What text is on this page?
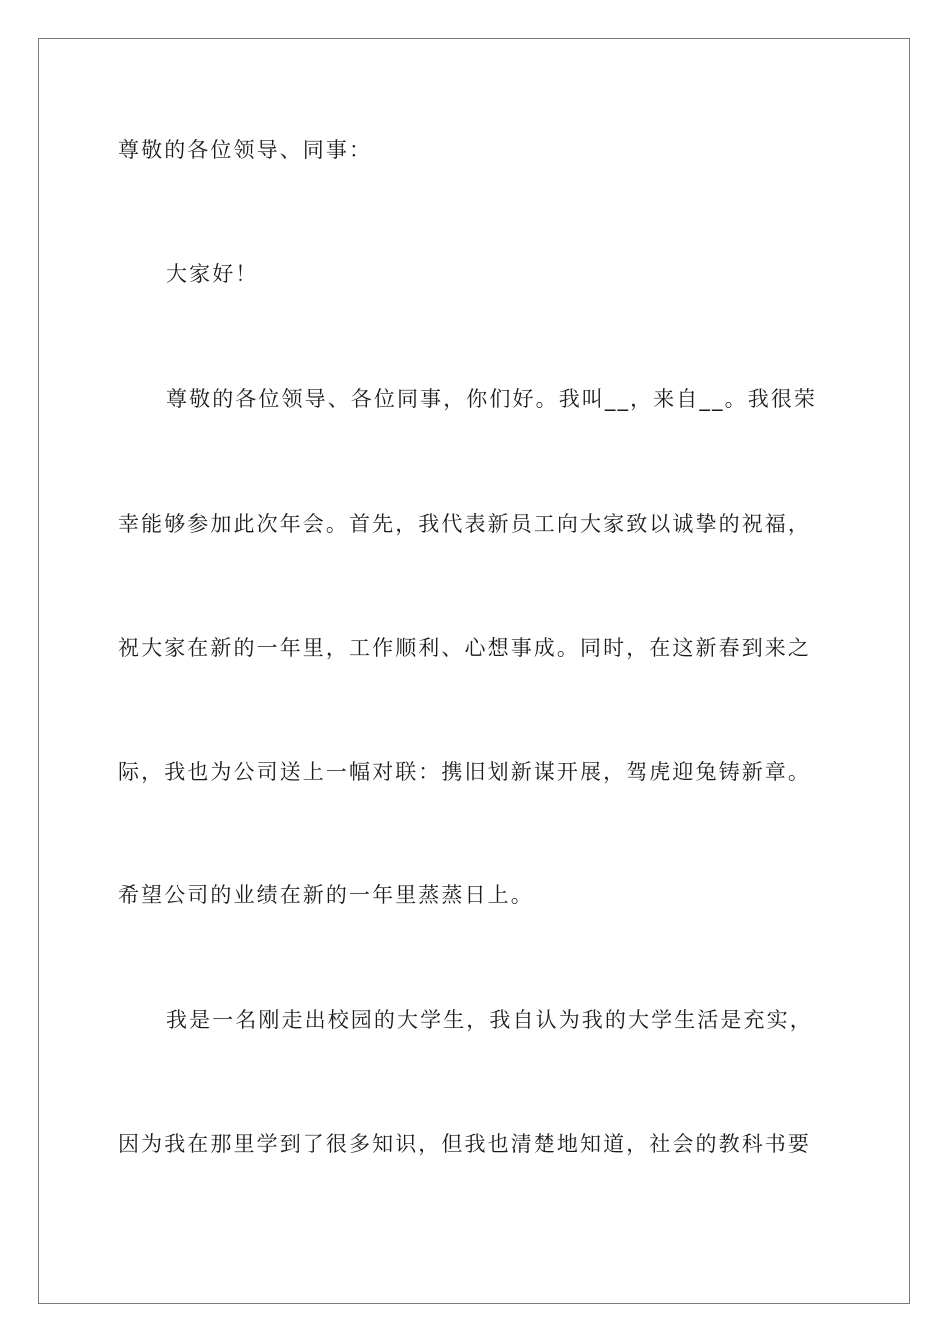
尊敬的各位领导、同事：
大家好！
尊敬的各位领导、各位同事，你们好。我叫__，来自__。我很荣
幸能够参加此次年会。首先，我代表新员工向大家致以诚挚的祝福，
祝大家在新的一年里，工作顺利、心想事成。同时，在这新春到来之
际，我也为公司送上一幅对联：携旧划新谋开展，驾虎迎兔铸新章。
希望公司的业绩在新的一年里蒸蒸日上。
我是一名刚走出校园的大学生，我自认为我的大学生活是充实，
因为我在那里学到了很多知识，但我也清楚地知道，社会的教科书要
